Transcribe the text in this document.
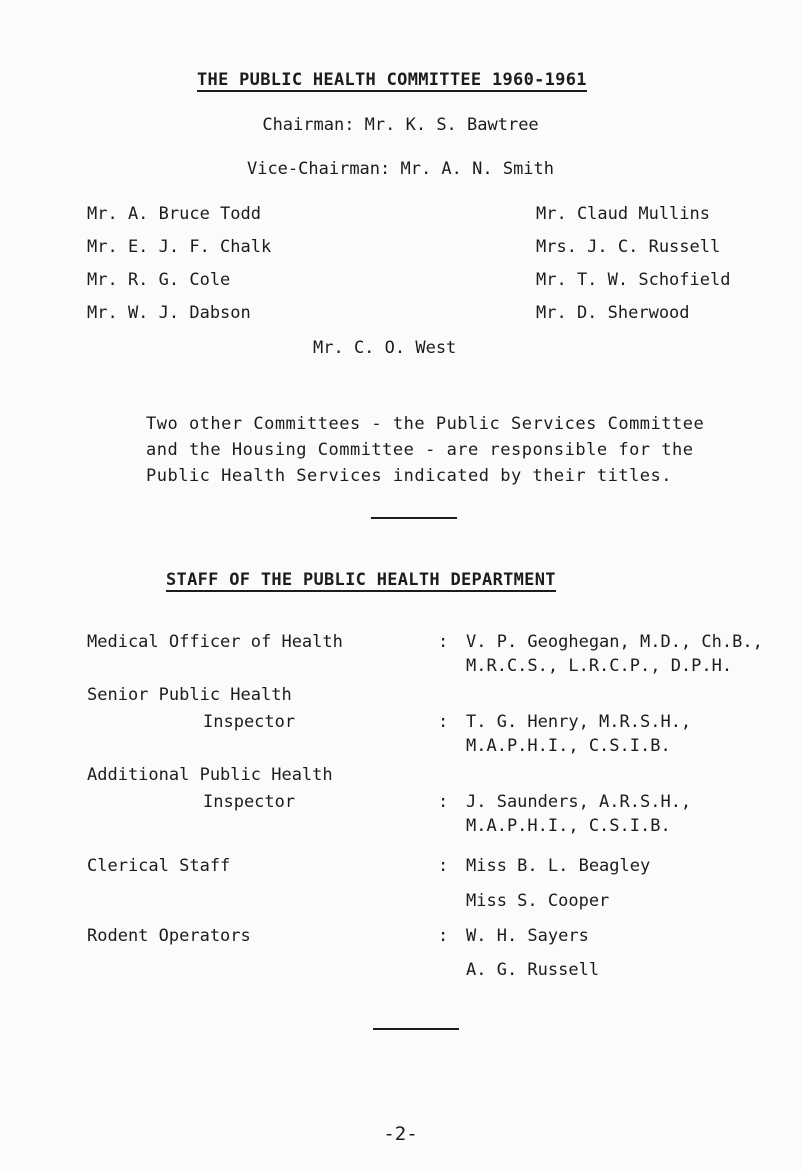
THE PUBLIC HEALTH COMMITTEE 1960-1961
Chairman: Mr. K. S. Bawtree
Vice-Chairman: Mr. A. N. Smith
Mr. A. Bruce Todd
Mr. E. J. F. Chalk
Mr. R. G. Cole
Mr. W. J. Dabson
Mr. Claud Mullins
Mrs. J. C. Russell
Mr. T. W. Schofield
Mr. D. Sherwood
Mr. C. O. West
Two other Committees - the Public Services Committee
and the Housing Committee - are responsible for the
Public Health Services indicated by their titles.
STAFF OF THE PUBLIC HEALTH DEPARTMENT
Medical Officer of Health	: V. P. Geoghegan, M.D., Ch.B.,
M.R.C.S., L.R.C.P., D.P.H.
Senior Public Health
Inspector	: T. G. Henry, M.R.S.H.,
M.A.P.H.I., C.S.I.B.
Additional Public Health
Inspector	: J. Saunders, A.R.S.H.,
M.A.P.H.I., C.S.I.B.
Clerical Staff	: Miss B. L. Beagley
Miss S. Cooper
Rodent Operators	: W. H. Sayers
A. G. Russell
-2-
